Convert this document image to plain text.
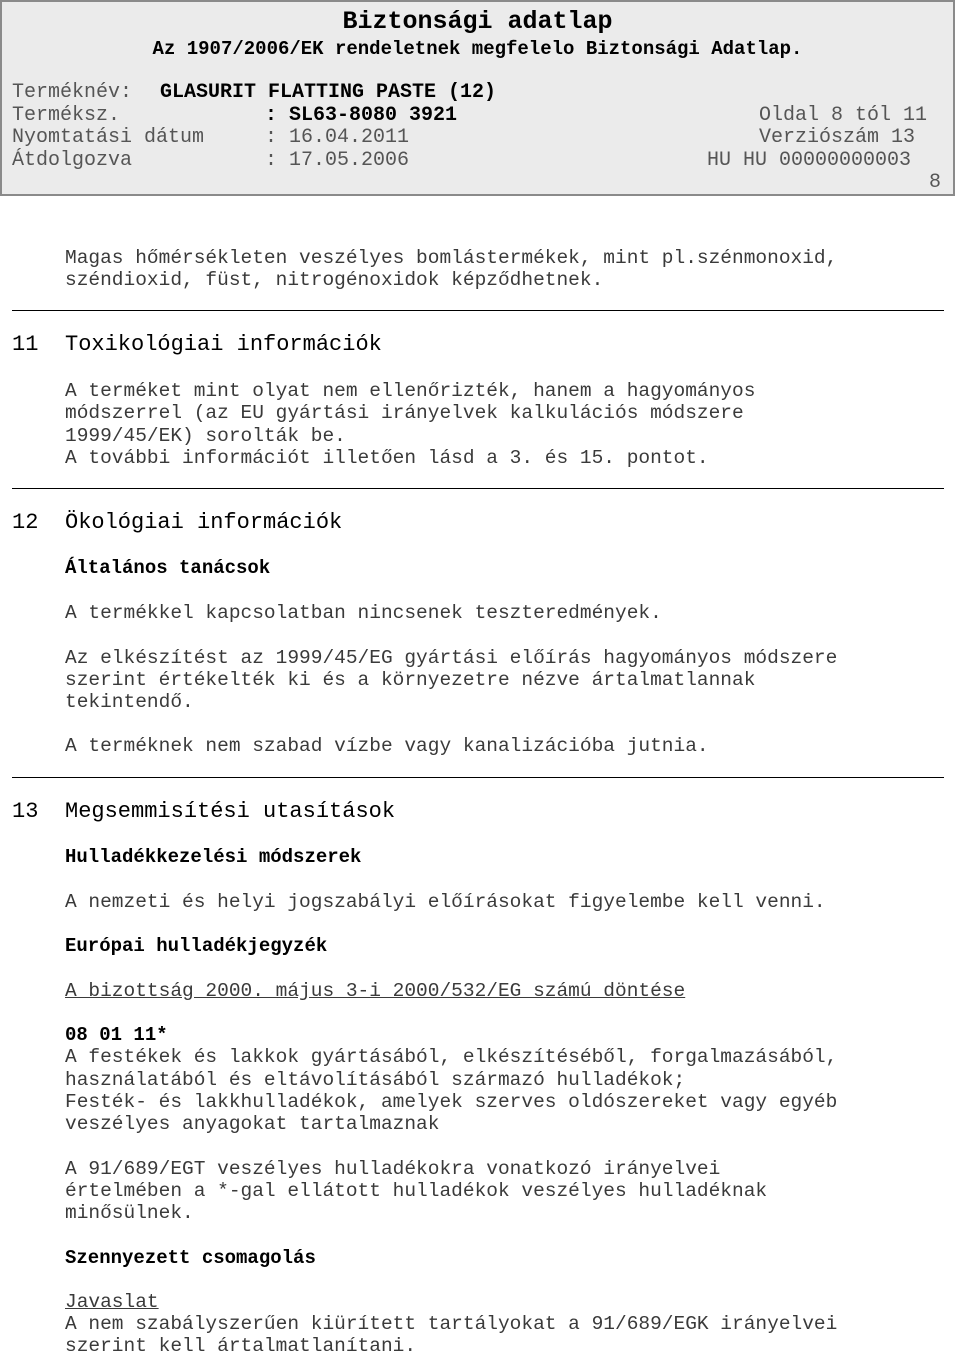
Biztonsági adatlap
Az 1907/2006/EK rendeletnek megfelelo Biztonsági Adatlap.
Terméknév: GLASURIT FLATTING PASTE (12)
Terméksz.	: SL63-8080 3921	Oldal 8 tól 11
Nyomtatási dátum	: 16.04.2011	Verziószám 13
Átdolgozva	: 17.05.2006	HU HU 00000000003
8
Magas hőmérsékleten veszélyes bomlástermékek, mint pl.szénmonoxid,
széndioxid, füst, nitrogénoxidok képződhetnek.
11 Toxikológiai információk
A terméket mint olyat nem ellenőrizték, hanem a hagyományos
módszerrel (az EU gyártási irányelvek kalkulációs módszere
1999/45/EK) sorolták be.
A további információt illetően lásd a 3. és 15. pontot.
12 Ökológiai információk
Általános tanácsok
A termékkel kapcsolatban nincsenek teszteredmények.
Az elkészítést az 1999/45/EG gyártási előírás hagyományos módszere
szerint értékelték ki és a környezetre nézve ártalmatlannak
tekintendő.
A terméknek nem szabad vízbe vagy kanalizációba jutnia.
13 Megsemmisítési utasítások
Hulladékkezelési módszerek
A nemzeti és helyi jogszabályi előírásokat figyelembe kell venni.
Európai hulladékjegyzék
A bizottság 2000. május 3-i 2000/532/EG számú döntése
08 01 11*
A festékek és lakkok gyártásából, elkészítéséből, forgalmazásából,
használatából és eltávolításából származó hulladékok;
Festék- és lakkhulladékok, amelyek szerves oldószereket vagy egyéb
veszélyes anyagokat tartalmaznak
A 91/689/EGT veszélyes hulladékokra vonatkozó irányelvei
értelmében a *-gal ellátott hulladékok veszélyes hulladéknak
minősülnek.
Szennyezett csomagolás
Javaslat
A nem szabályszerűen kiürített tartályokat a 91/689/EGK irányelvei
szerint kell ártalmatlanítani.
